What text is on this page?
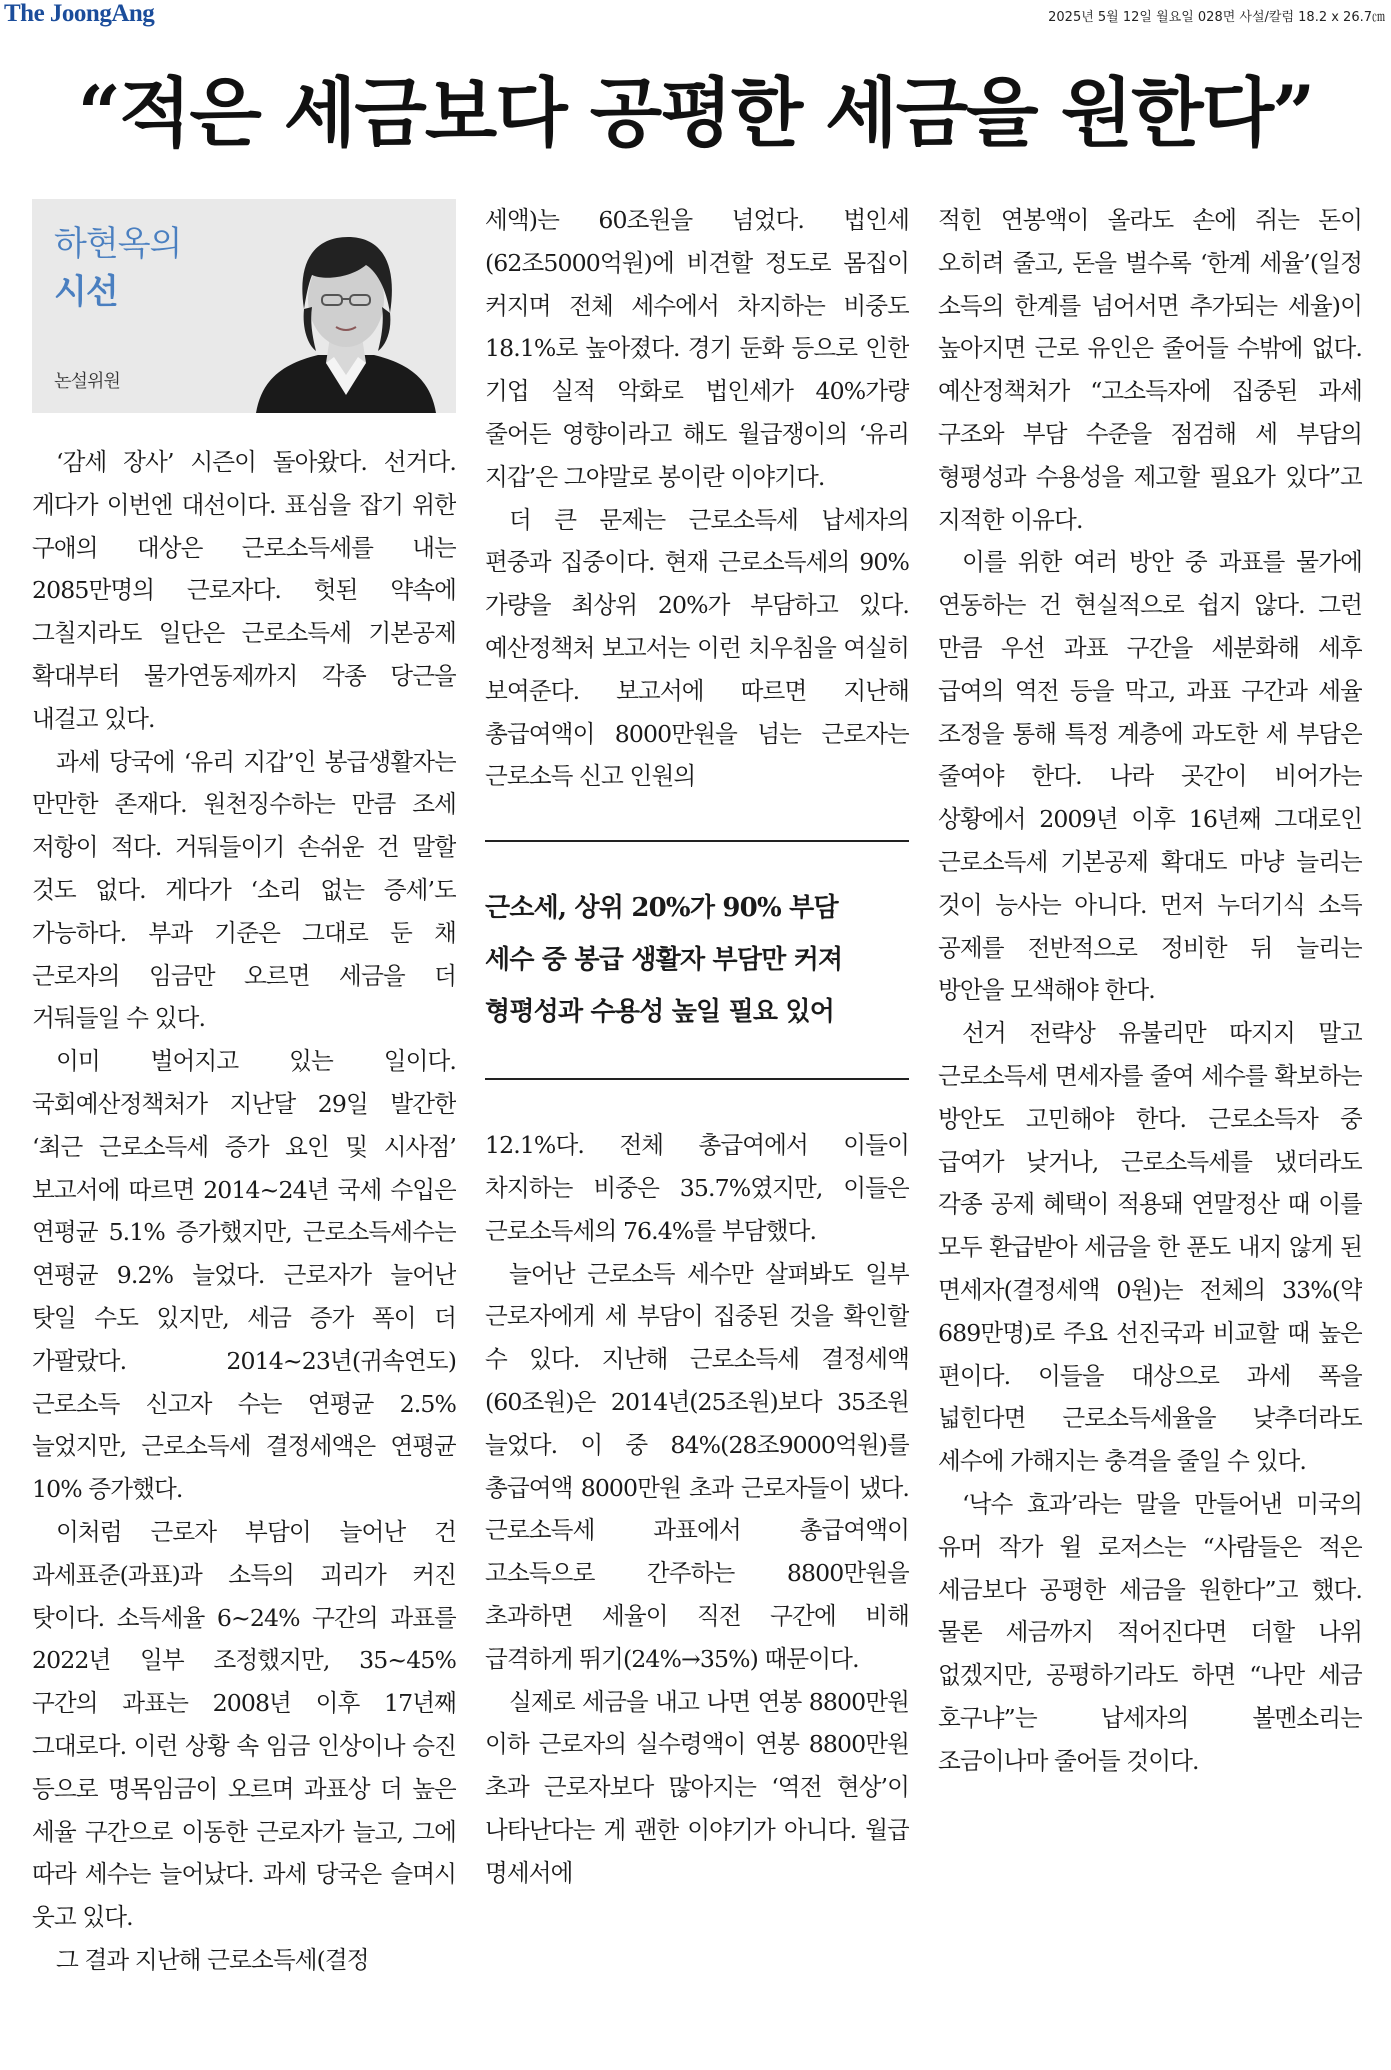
The JoongAng	2025년 5월 12일 월요일 028면 사설/칼럼 18.2 x 26.7㎝
“적은 세금보다 공평한 세금을 원한다”
하현옥의
시선
논설위원

‘감세 장사’ 시즌이 돌아왔다. 선거다. 게다가 이번엔 대선이다. 표심을 잡기 위한 구애의 대상은 근로소득세를 내는 2085만명의 근로자다. 헛된 약속에 그칠지라도 일단은 근로소득세 기본공제 확대부터 물가연동제까지 각종 당근을 내걸고 있다.

과세 당국에 ‘유리 지갑’인 봉급생활자는 만만한 존재다. 원천징수하는 만큼 조세 저항이 적다. 거둬들이기 손쉬운 건 말할 것도 없다. 게다가 ‘소리 없는 증세’도 가능하다. 부과 기준은 그대로 둔 채 근로자의 임금만 오르면 세금을 더 거둬들일 수 있다.

이미 벌어지고 있는 일이다. 국회예산정책처가 지난달 29일 발간한 ‘최근 근로소득세 증가 요인 및 시사점’ 보고서에 따르면 2014~24년 국세 수입은 연평균 5.1% 증가했지만, 근로소득세수는 연평균 9.2% 늘었다. 근로자가 늘어난 탓일 수도 있지만, 세금 증가 폭이 더 가팔랐다. 2014~23년(귀속연도) 근로소득 신고자 수는 연평균 2.5% 늘었지만, 근로소득세 결정세액은 연평균 10% 증가했다.

이처럼 근로자 부담이 늘어난 건 과세표준(과표)과 소득의 괴리가 커진 탓이다. 소득세율 6~24% 구간의 과표를 2022년 일부 조정했지만, 35~45% 구간의 과표는 2008년 이후 17년째 그대로다. 이런 상황 속 임금 인상이나 승진 등으로 명목임금이 오르며 과표상 더 높은 세율 구간으로 이동한 근로자가 늘고, 그에 따라 세수는 늘어났다. 과세 당국은 슬며시 웃고 있다.

그 결과 지난해 근로소득세(결정

세액)는 60조원을 넘었다. 법인세(62조5000억원)에 비견할 정도로 몸집이 커지며 전체 세수에서 차지하는 비중도 18.1%로 높아졌다. 경기 둔화 등으로 인한 기업 실적 악화로 법인세가 40%가량 줄어든 영향이라고 해도 월급쟁이의 ‘유리 지갑’은 그야말로 봉이란 이야기다.

더 큰 문제는 근로소득세 납세자의 편중과 집중이다. 현재 근로소득세의 90%가량을 최상위 20%가 부담하고 있다. 예산정책처 보고서는 이런 치우침을 여실히 보여준다. 보고서에 따르면 지난해 총급여액이 8000만원을 넘는 근로자는 근로소득 신고 인원의

근소세, 상위 20%가 90% 부담
세수 중 봉급 생활자 부담만 커져
형평성과 수용성 높일 필요 있어

12.1%다. 전체 총급여에서 이들이 차지하는 비중은 35.7%였지만, 이들은 근로소득세의 76.4%를 부담했다.

늘어난 근로소득 세수만 살펴봐도 일부 근로자에게 세 부담이 집중된 것을 확인할 수 있다. 지난해 근로소득세 결정세액(60조원)은 2014년(25조원)보다 35조원 늘었다. 이 중 84%(28조9000억원)를 총급여액 8000만원 초과 근로자들이 냈다. 근로소득세 과표에서 총급여액이 고소득으로 간주하는 8800만원을 초과하면 세율이 직전 구간에 비해 급격하게 뛰기(24%→35%) 때문이다.

실제로 세금을 내고 나면 연봉 8800만원 이하 근로자의 실수령액이 연봉 8800만원 초과 근로자보다 많아지는 ‘역전 현상’이 나타난다는 게 괜한 이야기가 아니다. 월급 명세서에

적힌 연봉액이 올라도 손에 쥐는 돈이 오히려 줄고, 돈을 벌수록 ‘한계 세율’(일정 소득의 한계를 넘어서면 추가되는 세율)이 높아지면 근로 유인은 줄어들 수밖에 없다. 예산정책처가 “고소득자에 집중된 과세 구조와 부담 수준을 점검해 세 부담의 형평성과 수용성을 제고할 필요가 있다”고 지적한 이유다.

이를 위한 여러 방안 중 과표를 물가에 연동하는 건 현실적으로 쉽지 않다. 그런 만큼 우선 과표 구간을 세분화해 세후 급여의 역전 등을 막고, 과표 구간과 세율 조정을 통해 특정 계층에 과도한 세 부담은 줄여야 한다. 나라 곳간이 비어가는 상황에서 2009년 이후 16년째 그대로인 근로소득세 기본공제 확대도 마냥 늘리는 것이 능사는 아니다. 먼저 누더기식 소득 공제를 전반적으로 정비한 뒤 늘리는 방안을 모색해야 한다.

선거 전략상 유불리만 따지지 말고 근로소득세 면세자를 줄여 세수를 확보하는 방안도 고민해야 한다. 근로소득자 중 급여가 낮거나, 근로소득세를 냈더라도 각종 공제 혜택이 적용돼 연말정산 때 이를 모두 환급받아 세금을 한 푼도 내지 않게 된 면세자(결정세액 0원)는 전체의 33%(약 689만명)로 주요 선진국과 비교할 때 높은 편이다. 이들을 대상으로 과세 폭을 넓힌다면 근로소득세율을 낮추더라도 세수에 가해지는 충격을 줄일 수 있다.

‘낙수 효과’라는 말을 만들어낸 미국의 유머 작가 윌 로저스는 “사람들은 적은 세금보다 공평한 세금을 원한다”고 했다. 물론 세금까지 적어진다면 더할 나위 없겠지만, 공평하기라도 하면 “나만 세금 호구냐”는 납세자의 볼멘소리는 조금이나마 줄어들 것이다.
